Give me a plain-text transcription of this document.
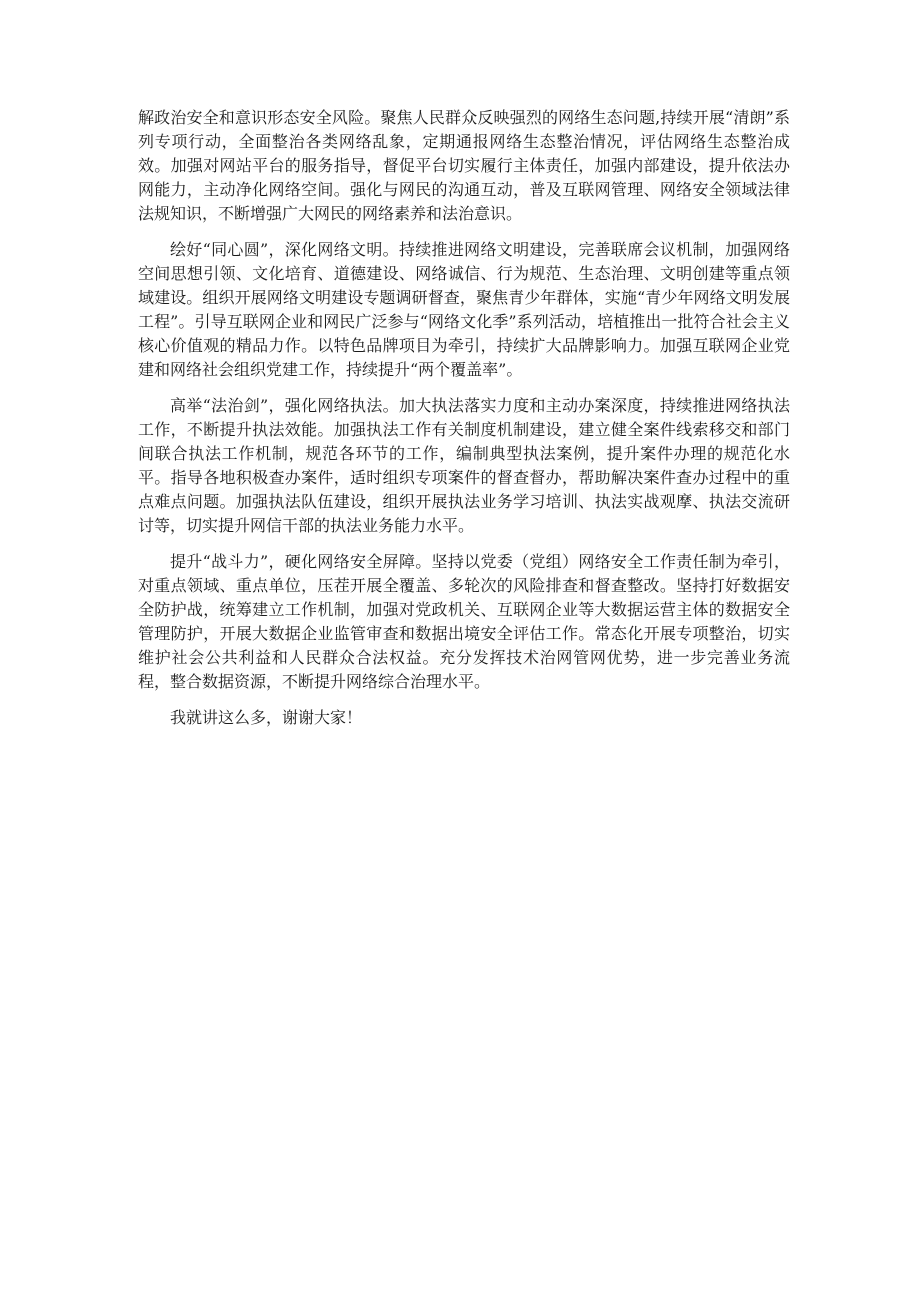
解政治安全和意识形态安全风险。聚焦人民群众反映强烈的网络生态问题,持续开展“清朗”系列专项行动，全面整治各类网络乱象，定期通报网络生态整治情况，评估网络生态整治成效。加强对网站平台的服务指导，督促平台切实履行主体责任，加强内部建设，提升依法办网能力，主动净化网络空间。强化与网民的沟通互动，普及互联网管理、网络安全领域法律法规知识，不断增强广大网民的网络素养和法治意识。

绘好“同心圆”，深化网络文明。持续推进网络文明建设，完善联席会议机制，加强网络空间思想引领、文化培育、道德建设、网络诚信、行为规范、生态治理、文明创建等重点领域建设。组织开展网络文明建设专题调研督查，聚焦青少年群体，实施“青少年网络文明发展工程”。引导互联网企业和网民广泛参与“网络文化季”系列活动，培植推出一批符合社会主义核心价值观的精品力作。以特色品牌项目为牵引，持续扩大品牌影响力。加强互联网企业党建和网络社会组织党建工作，持续提升“两个覆盖率”。

高举“法治剑”，强化网络执法。加大执法落实力度和主动办案深度，持续推进网络执法工作，不断提升执法效能。加强执法工作有关制度机制建设，建立健全案件线索移交和部门间联合执法工作机制，规范各环节的工作，编制典型执法案例，提升案件办理的规范化水平。指导各地积极查办案件，适时组织专项案件的督查督办，帮助解决案件查办过程中的重点难点问题。加强执法队伍建设，组织开展执法业务学习培训、执法实战观摩、执法交流研讨等，切实提升网信干部的执法业务能力水平。

提升“战斗力”，硬化网络安全屏障。坚持以党委（党组）网络安全工作责任制为牵引，对重点领域、重点单位，压茬开展全覆盖、多轮次的风险排查和督查整改。坚持打好数据安全防护战，统筹建立工作机制，加强对党政机关、互联网企业等大数据运营主体的数据安全管理防护，开展大数据企业监管审查和数据出境安全评估工作。常态化开展专项整治，切实维护社会公共利益和人民群众合法权益。充分发挥技术治网管网优势，进一步完善业务流程，整合数据资源，不断提升网络综合治理水平。

我就讲这么多，谢谢大家！
